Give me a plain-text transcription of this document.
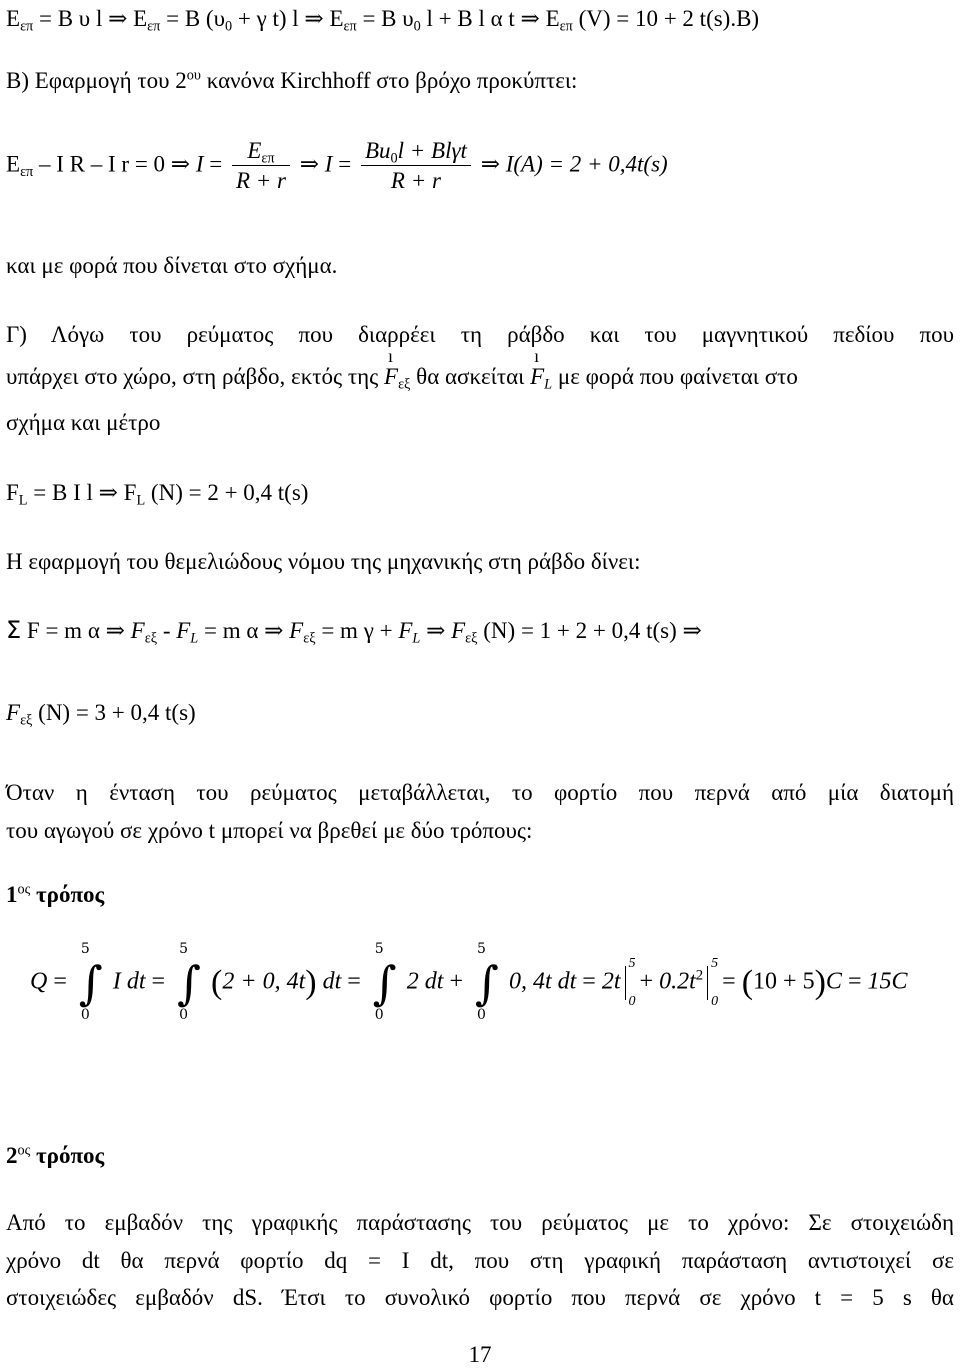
$E_{\varepsilon\pi} = B$ υ l ⇒ $E_{\varepsilon\pi} = B$ ($\upsilon_0 + \gamma$ t) l ⇒ $E_{\varepsilon\pi} = B$ $\upsilon_0$ l + Β l α t ⇒ $E_{\varepsilon\pi}$ (V) = 10 + 2 t(s).Β)
Β) Εφαρμογή του $2^{o\upsilon}$ κανόνα Kirchhoff στο βρόχο προκύπτει:
$E_{\varepsilon\pi}$ – I R – I r = 0 ⇒ $I = \frac{E_{\varepsilon\pi}}{R + r}$ ⇒ $I = \frac{Bu_0l + Bl\gamma t}{R + r}$ ⇒ I(A) = 2 + 0,4t(s)
και με φορά που δίνεται στο σχήμα.
Γ) Λόγω του ρεύματος που διαρρέει τη ράβδο και του μαγνητικού πεδίου που
υπάρχει στο χώρο, στη ράβδο, εκτός της ı $F_{\varepsilon\xi}$ θα ασκείται ı $F_L$ με φορά που φαίνεται στο
σχήμα και μέτρο
$F_L = B$ I l ⇒ $F_L$ (N) = 2 + 0,4 t(s)
Η εφαρμογή του θεμελιώδους νόμου της μηχανικής στη ράβδο δίνει:
Σ F = m α ⇒ $F_{\varepsilon\xi} - F_L = m$ α ⇒ $F_{\varepsilon\xi} = m$ $\gamma + F_L$ ⇒ $F_{\varepsilon\xi}$ (N) = 1 + 2 + 0,4 t(s) ⇒
$F_{\varepsilon\xi}$ (N) = 3 + 0,4 t(s)
Όταν η ένταση του ρεύματος μεταβάλλεται, το φορτίο που περνά από μία διατομή
του αγωγού σε χρόνο t μπορεί να βρεθεί με δύο τρόπους:
$1^{o\varsigma}$ τρόπος
Q = ∫
5
0
I dt = ∫
5
0
(2 + 0, 4t) dt = ∫
5
0
2 dt + ∫
5
0
0, 4t dt = 2t
5
0
+ $0.2t^2$
5
0
= (10 + 5)C = 15C
$2^{o\varsigma}$ τρόπος
Από το εμβαδόν της γραφικής παράστασης του ρεύματος με το χρόνο: Σε στοιχειώδη
χρόνο dt θα περνά φορτίο dq = I dt, που στη γραφική παράσταση αντιστοιχεί σε
στοιχειώδες εμβαδόν dS. Έτσι το συνολικό φορτίο που περνά σε χρόνο t = 5 s θα
17
